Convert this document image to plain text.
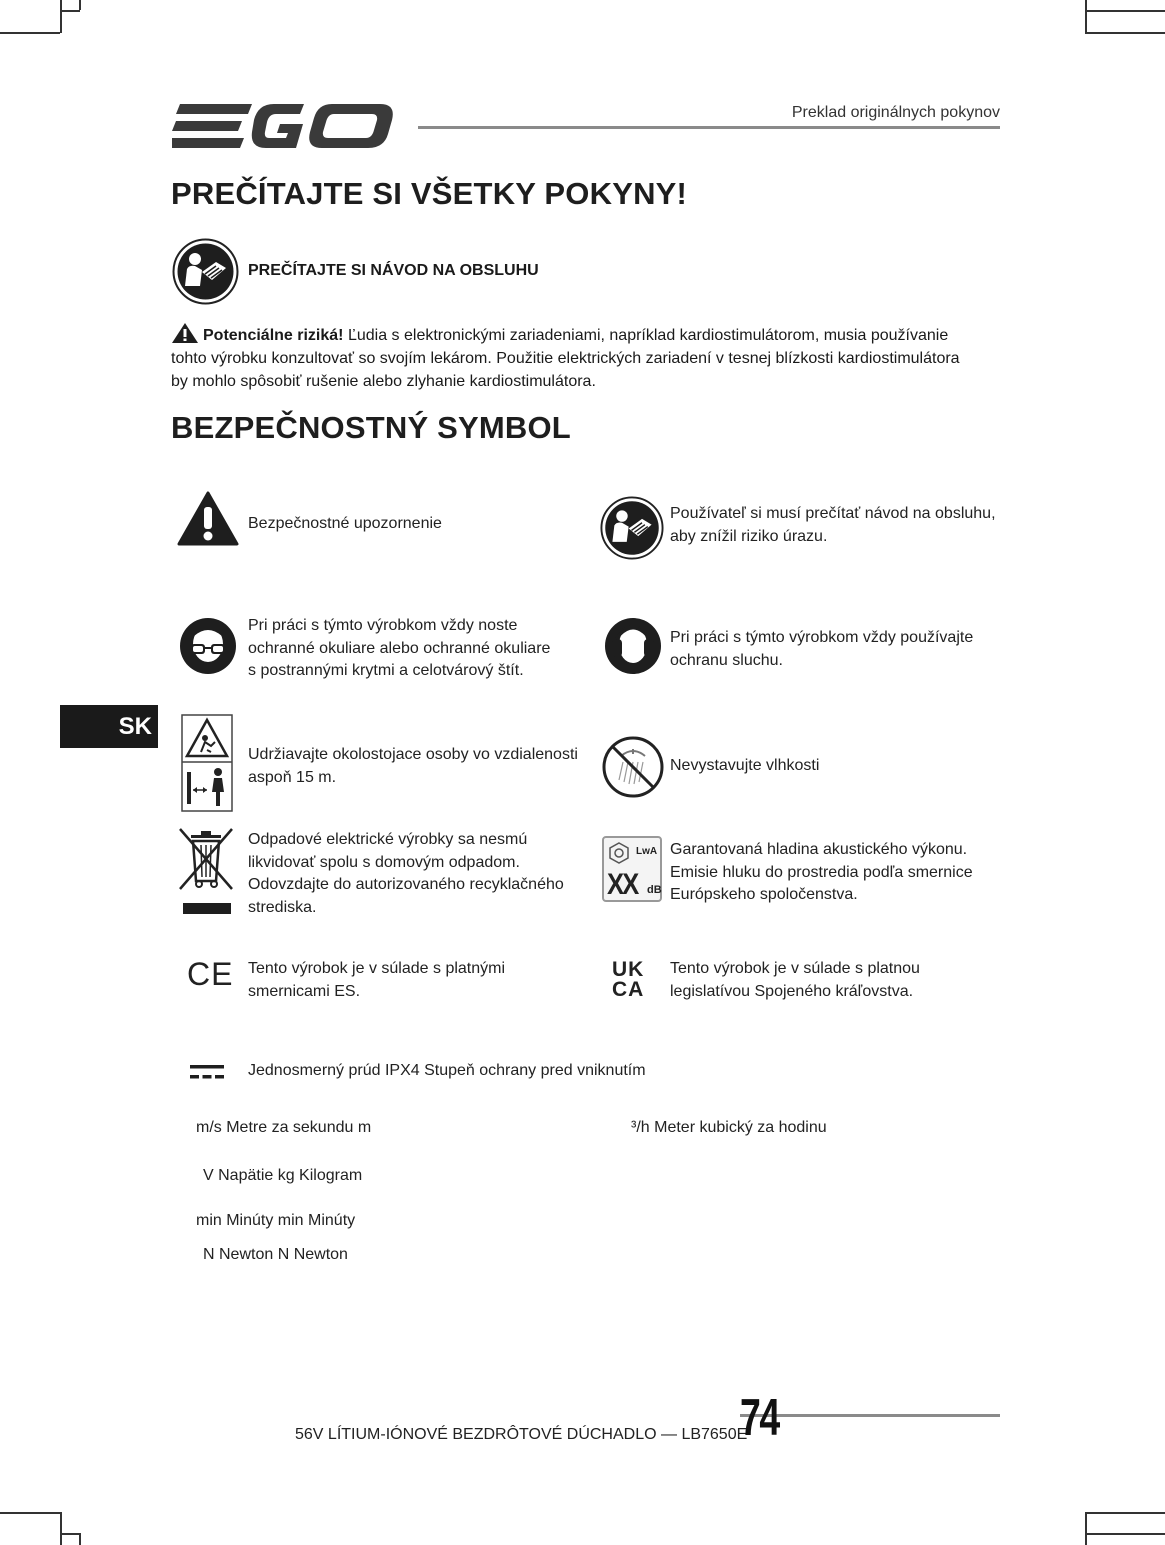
Preklad originálnych pokynov
PREČÍTAJTE SI VŠETKY POKYNY!
PREČÍTAJTE SI NÁVOD NA OBSLUHU
Potenciálne riziká! Ľudia s elektronickými zariadeniami, napríklad kardiostimulátorom, musia používanie tohto výrobku konzultovať so svojím lekárom. Použitie elektrických zariadení v tesnej blízkosti kardiostimulátora by mohlo spôsobiť rušenie alebo zlyhanie kardiostimulátora.
BEZPEČNOSTNÝ SYMBOL
Bezpečnostné upozornenie
Používateľ si musí prečítať návod na obsluhu, aby znížil riziko úrazu.
Pri práci s týmto výrobkom vždy noste ochranné okuliare alebo ochranné okuliare s postrannými krytmi a celotvárový štít.
Pri práci s týmto výrobkom vždy používajte ochranu sluchu.
SK
Udržiavajte okolostojace osoby vo vzdialenosti aspoň 15 m.
Nevystavujte vlhkosti
Odpadové elektrické výrobky sa nesmú likvidovať spolu s domovým odpadom. Odovzdajte do autorizovaného recyklačného strediska.
LwA
XX dB
Garantovaná hladina akustického výkonu. Emisie hluku do prostredia podľa smernice Európskeho spoločenstva.
CE Tento výrobok je v súlade s platnými smernicami ES.
UK
CA
Tento výrobok je v súlade s platnou legislatívou Spojeného kráľovstva.
Jednosmerný prúd IPX4 Stupeň ochrany pred vniknutím
m/s Metre za sekundu m	³/h Meter kubický za hodinu
V Napätie kg Kilogram
min Minúty min Minúty
N Newton N Newton
56V LÍTIUM-IÓNOVÉ BEZDRÔTOVÉ DÚCHADLO — LB7650E
74
